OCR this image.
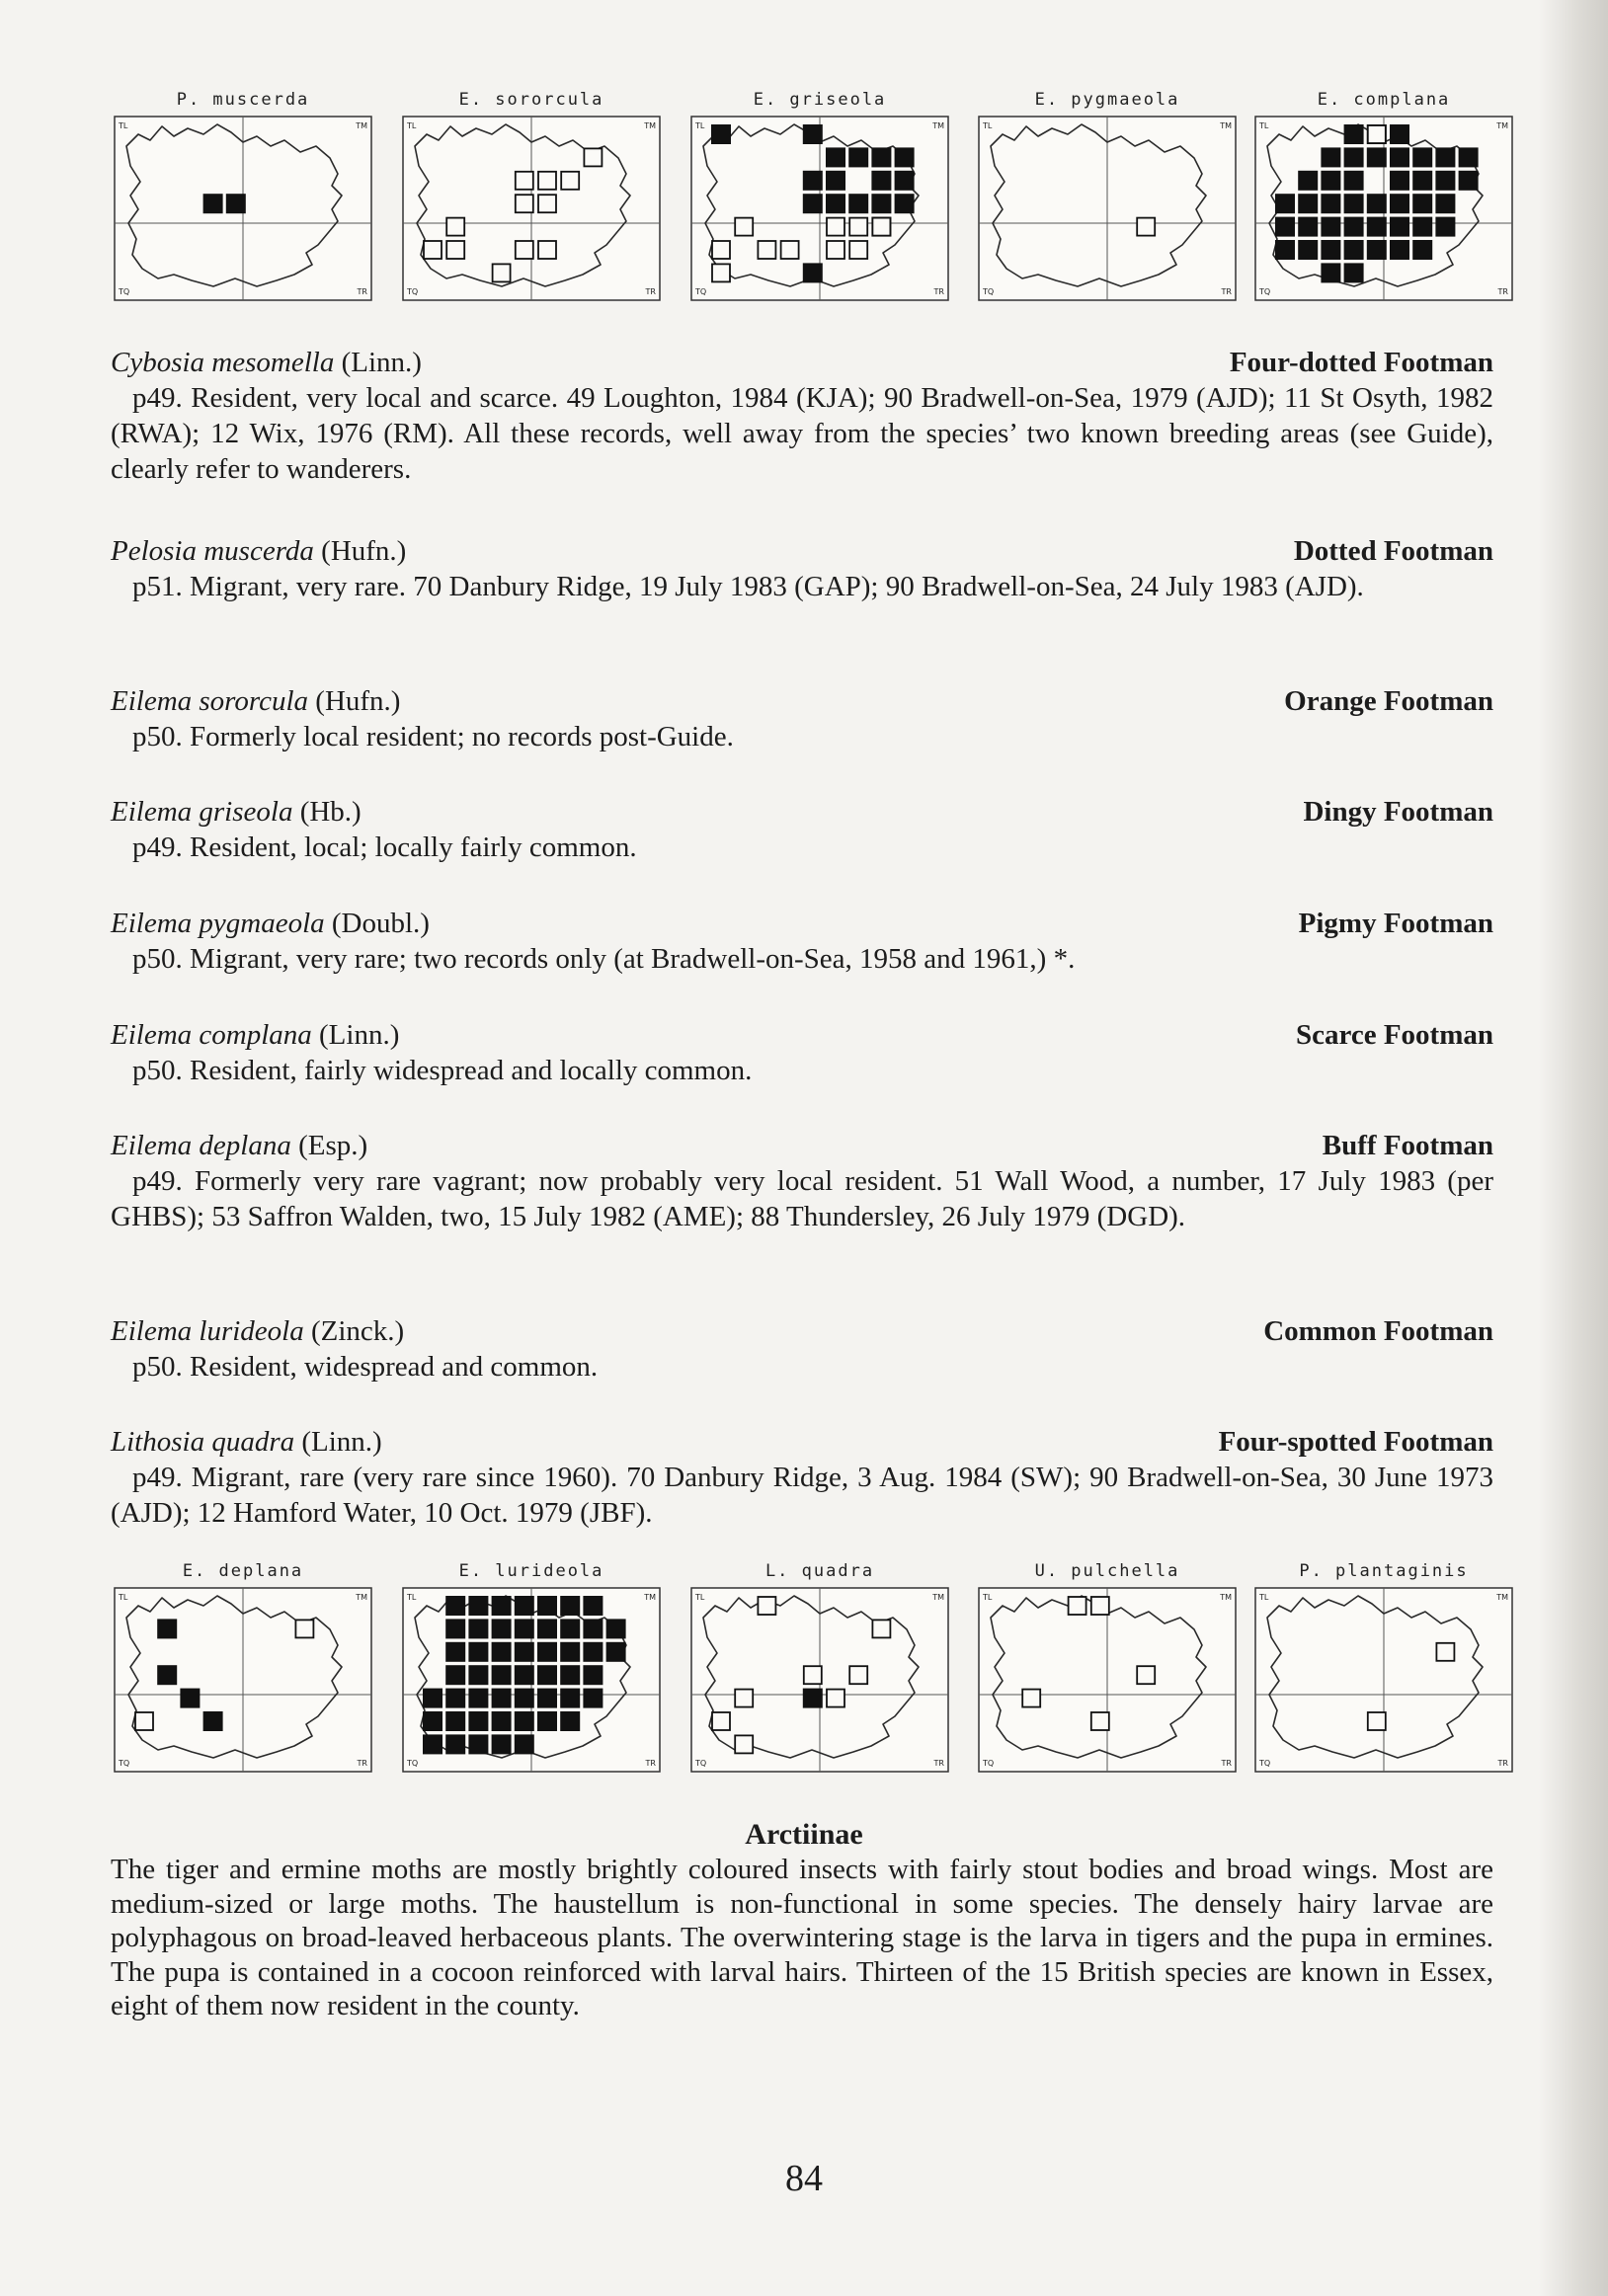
P. muscerda
TL	TM
TQ	TR
E. sororcula
TL	TM
TQ	TR
E. griseola
TL	TM
TQ	TR
E. pygmaeola
TL	TM
TQ	TR
E. complana
TL	TM
TQ	TR
Cybosia mesomella (Linn.)	Four-dotted Footman
p49. Resident, very local and scarce. 49 Loughton, 1984 (KJA); 90 Bradwell-on-Sea, 1979 (AJD); 11 St Osyth, 1982 (RWA); 12 Wix, 1976 (RM). All these records, well away from the species’ two known breeding areas (see Guide), clearly refer to wanderers.
Pelosia muscerda (Hufn.)	Dotted Footman
p51. Migrant, very rare. 70 Danbury Ridge, 19 July 1983 (GAP); 90 Bradwell-on-Sea, 24 July 1983 (AJD).
Eilema sororcula (Hufn.)	Orange Footman
p50. Formerly local resident; no records post-Guide.
Eilema griseola (Hb.)	Dingy Footman
p49. Resident, local; locally fairly common.
Eilema pygmaeola (Doubl.)	Pigmy Footman
p50. Migrant, very rare; two records only (at Bradwell-on-Sea, 1958 and 1961,) *.
Eilema complana (Linn.)	Scarce Footman
p50. Resident, fairly widespread and locally common.
Eilema deplana (Esp.)	Buff Footman
p49. Formerly very rare vagrant; now probably very local resident. 51 Wall Wood, a number, 17 July 1983 (per GHBS); 53 Saffron Walden, two, 15 July 1982 (AME); 88 Thundersley, 26 July 1979 (DGD).
Eilema lurideola (Zinck.)	Common Footman
p50. Resident, widespread and common.
Lithosia quadra (Linn.)	Four-spotted Footman
p49. Migrant, rare (very rare since 1960). 70 Danbury Ridge, 3 Aug. 1984 (SW); 90 Bradwell-on-Sea, 30 June 1973 (AJD); 12 Hamford Water, 10 Oct. 1979 (JBF).
E. deplana
TL	TM
TQ	TR
E. lurideola
TL	TM
TQ	TR
L. quadra
TL	TM
TQ	TR
U. pulchella
TL	TM
TQ	TR
P. plantaginis
TL	TM
TQ	TR
Arctiinae
The tiger and ermine moths are mostly brightly coloured insects with fairly stout bodies and broad wings. Most are medium-sized or large moths. The haustellum is non-functional in some species. The densely hairy larvae are polyphagous on broad-leaved herbaceous plants. The overwintering stage is the larva in tigers and the pupa in ermines. The pupa is contained in a cocoon reinforced with larval hairs. Thirteen of the 15 British species are known in Essex, eight of them now resident in the county.
84
